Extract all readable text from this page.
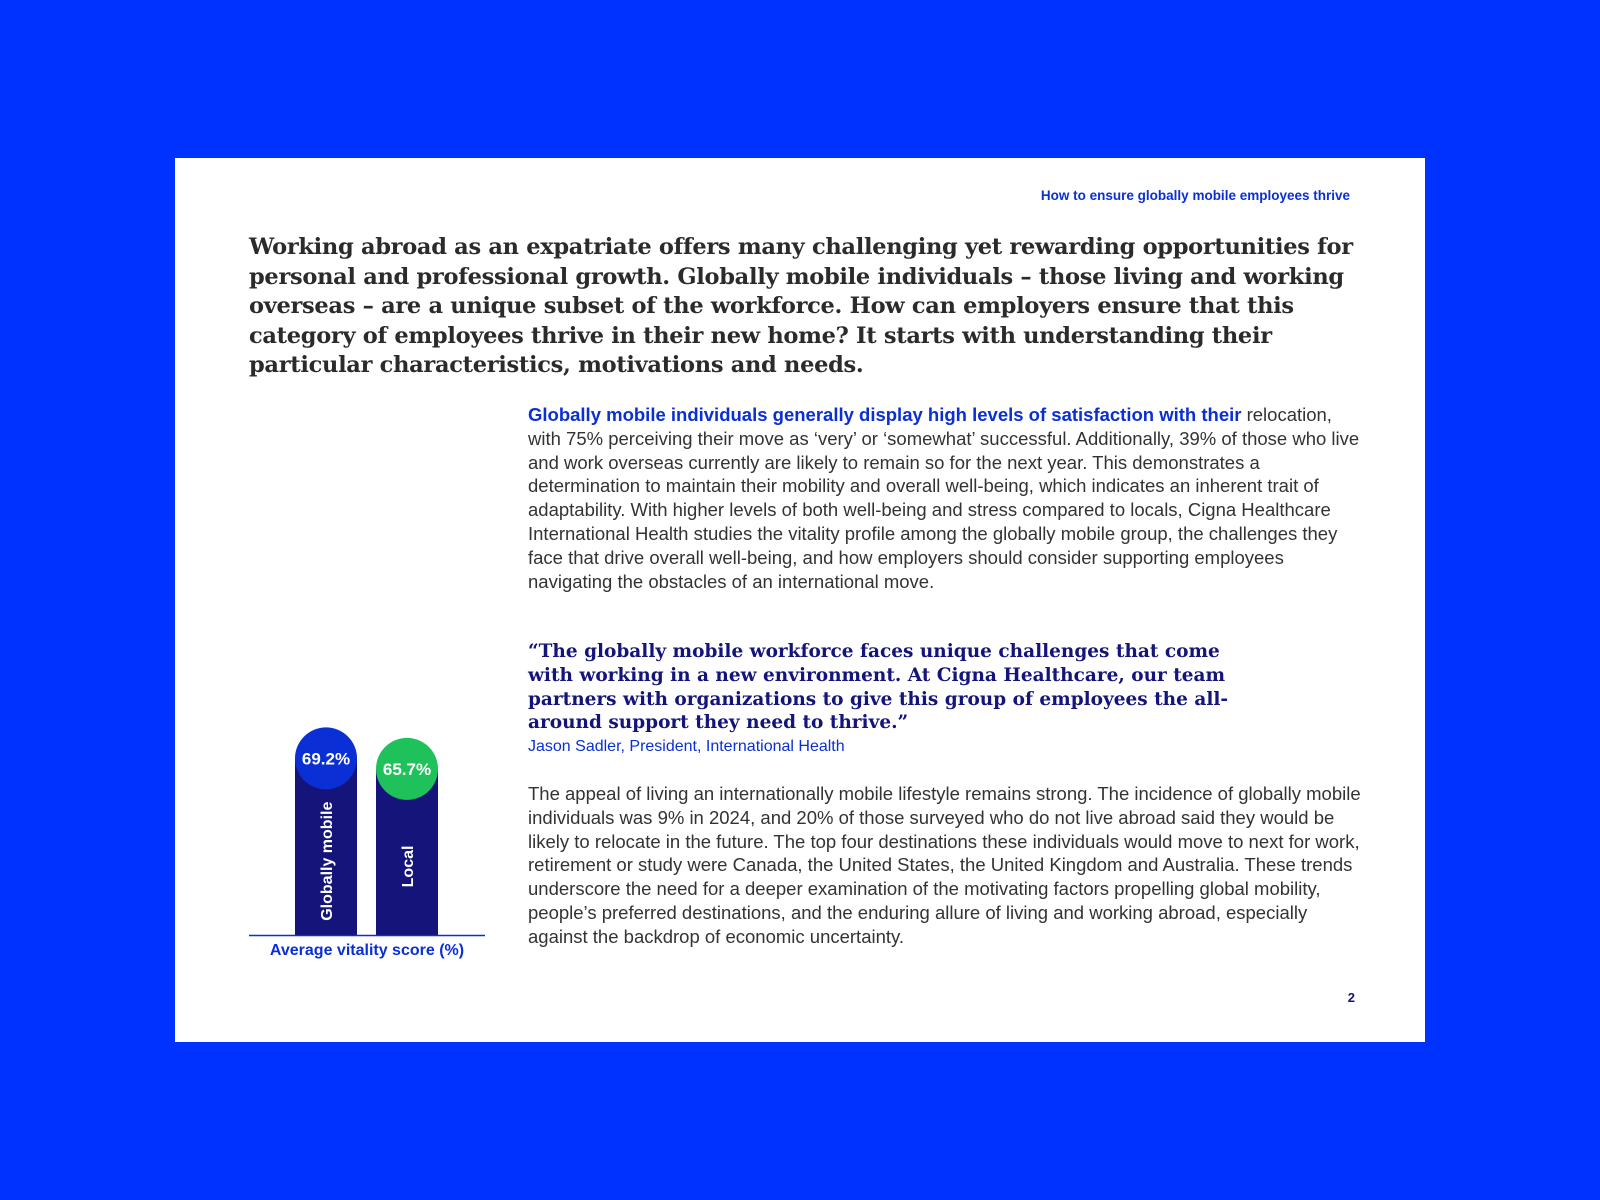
How to ensure globally mobile employees thrive

Working abroad as an expatriate offers many challenging yet rewarding opportunities for personal and professional growth. Globally mobile individuals – those living and working overseas – are a unique subset of the workforce. How can employers ensure that this category of employees thrive in their new home? It starts with understanding their particular characteristics, motivations and needs.

69.2%
Globally mobile
65.7%
Local
Average vitality score (%)

Globally mobile individuals generally display high levels of satisfaction with their relocation, with 75% perceiving their move as ‘very’ or ‘somewhat’ successful. Additionally, 39% of those who live and work overseas currently are likely to remain so for the next year. This demonstrates a determination to maintain their mobility and overall well-being, which indicates an inherent trait of adaptability. With higher levels of both well-being and stress compared to locals, Cigna Healthcare International Health studies the vitality profile among the globally mobile group, the challenges they face that drive overall well-being, and how employers should consider supporting employees navigating the obstacles of an international move.

“The globally mobile workforce faces unique challenges that come with working in a new environment. At Cigna Healthcare, our team partners with organizations to give this group of employees the all-around support they need to thrive.”

Jason Sadler, President, International Health

The appeal of living an internationally mobile lifestyle remains strong. The incidence of globally mobile individuals was 9% in 2024, and 20% of those surveyed who do not live abroad said they would be likely to relocate in the future. The top four destinations these individuals would move to next for work, retirement or study were Canada, the United States, the United Kingdom and Australia. These trends underscore the need for a deeper examination of the motivating factors propelling global mobility, people’s preferred destinations, and the enduring allure of living and working abroad, especially against the backdrop of economic uncertainty.

2
